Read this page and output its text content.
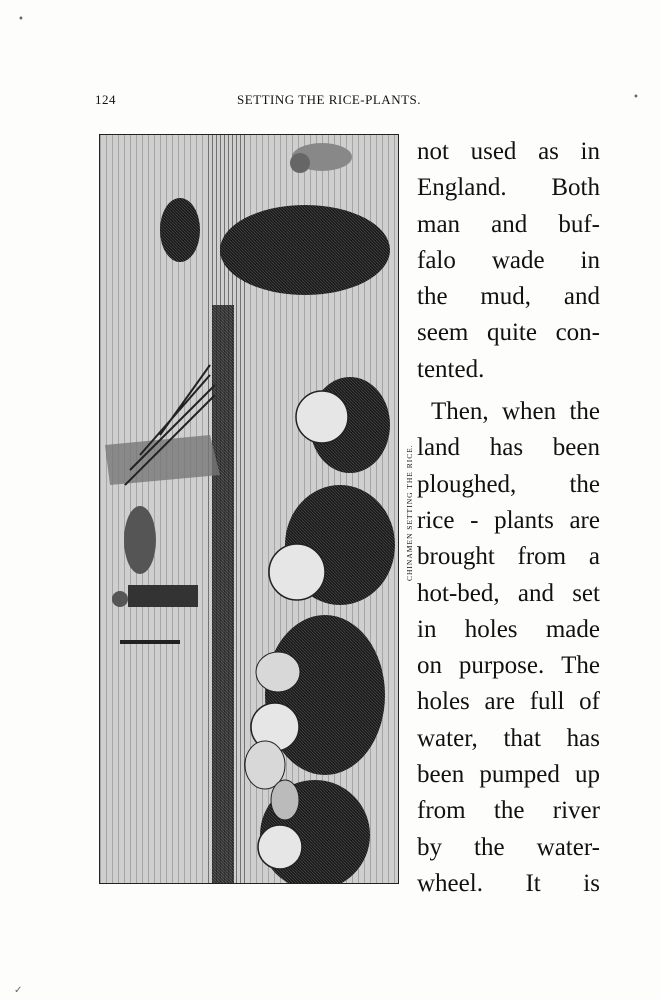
124	SETTING THE RICE-PLANTS.
•
•
✓
CHINAMEN SETTING THE RICE.
not used as in
England. Both
man and buf-
falo wade in
the mud, and
seem quite con-
tented.
Then, when the
land has been
ploughed, the
rice - plants are
brought from a
hot-bed, and set
in holes made
on purpose. The
holes are full of
water, that has
been pumped up
from the river
by the water-
wheel. It is
